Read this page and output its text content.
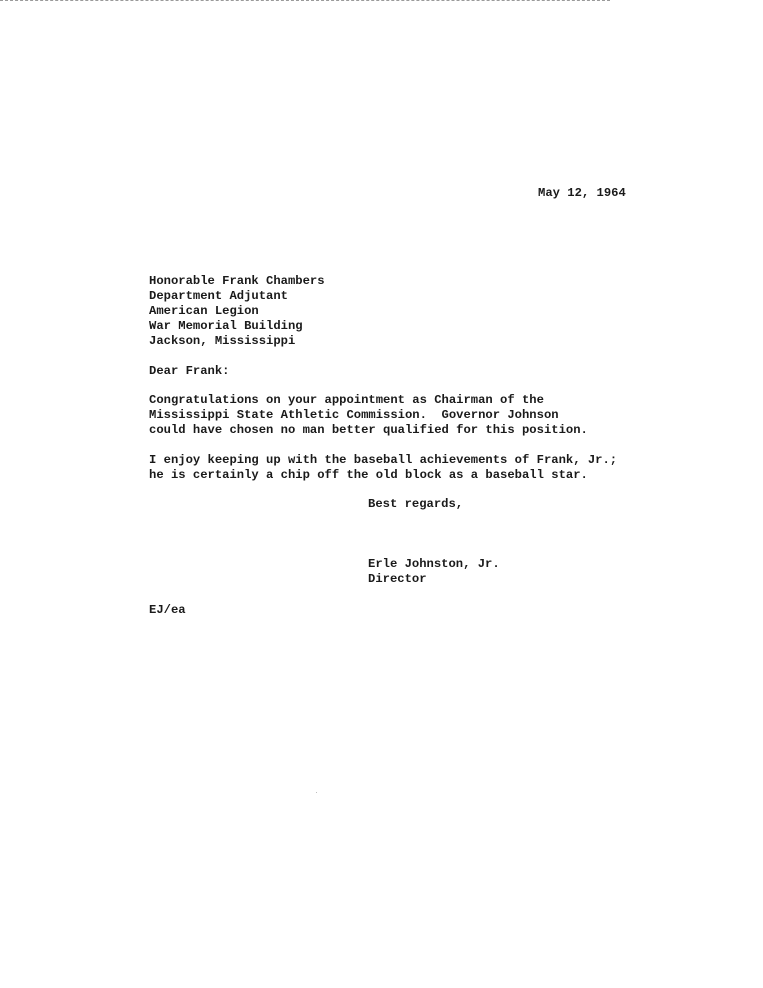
May 12, 1964
Honorable Frank Chambers
Department Adjutant
American Legion
War Memorial Building
Jackson, Mississippi
Dear Frank:
Congratulations on your appointment as Chairman of the
Mississippi State Athletic Commission.  Governor Johnson
could have chosen no man better qualified for this position.
I enjoy keeping up with the baseball achievements of Frank, Jr.;
he is certainly a chip off the old block as a baseball star.
Best regards,
Erle Johnston, Jr.
Director
EJ/ea
